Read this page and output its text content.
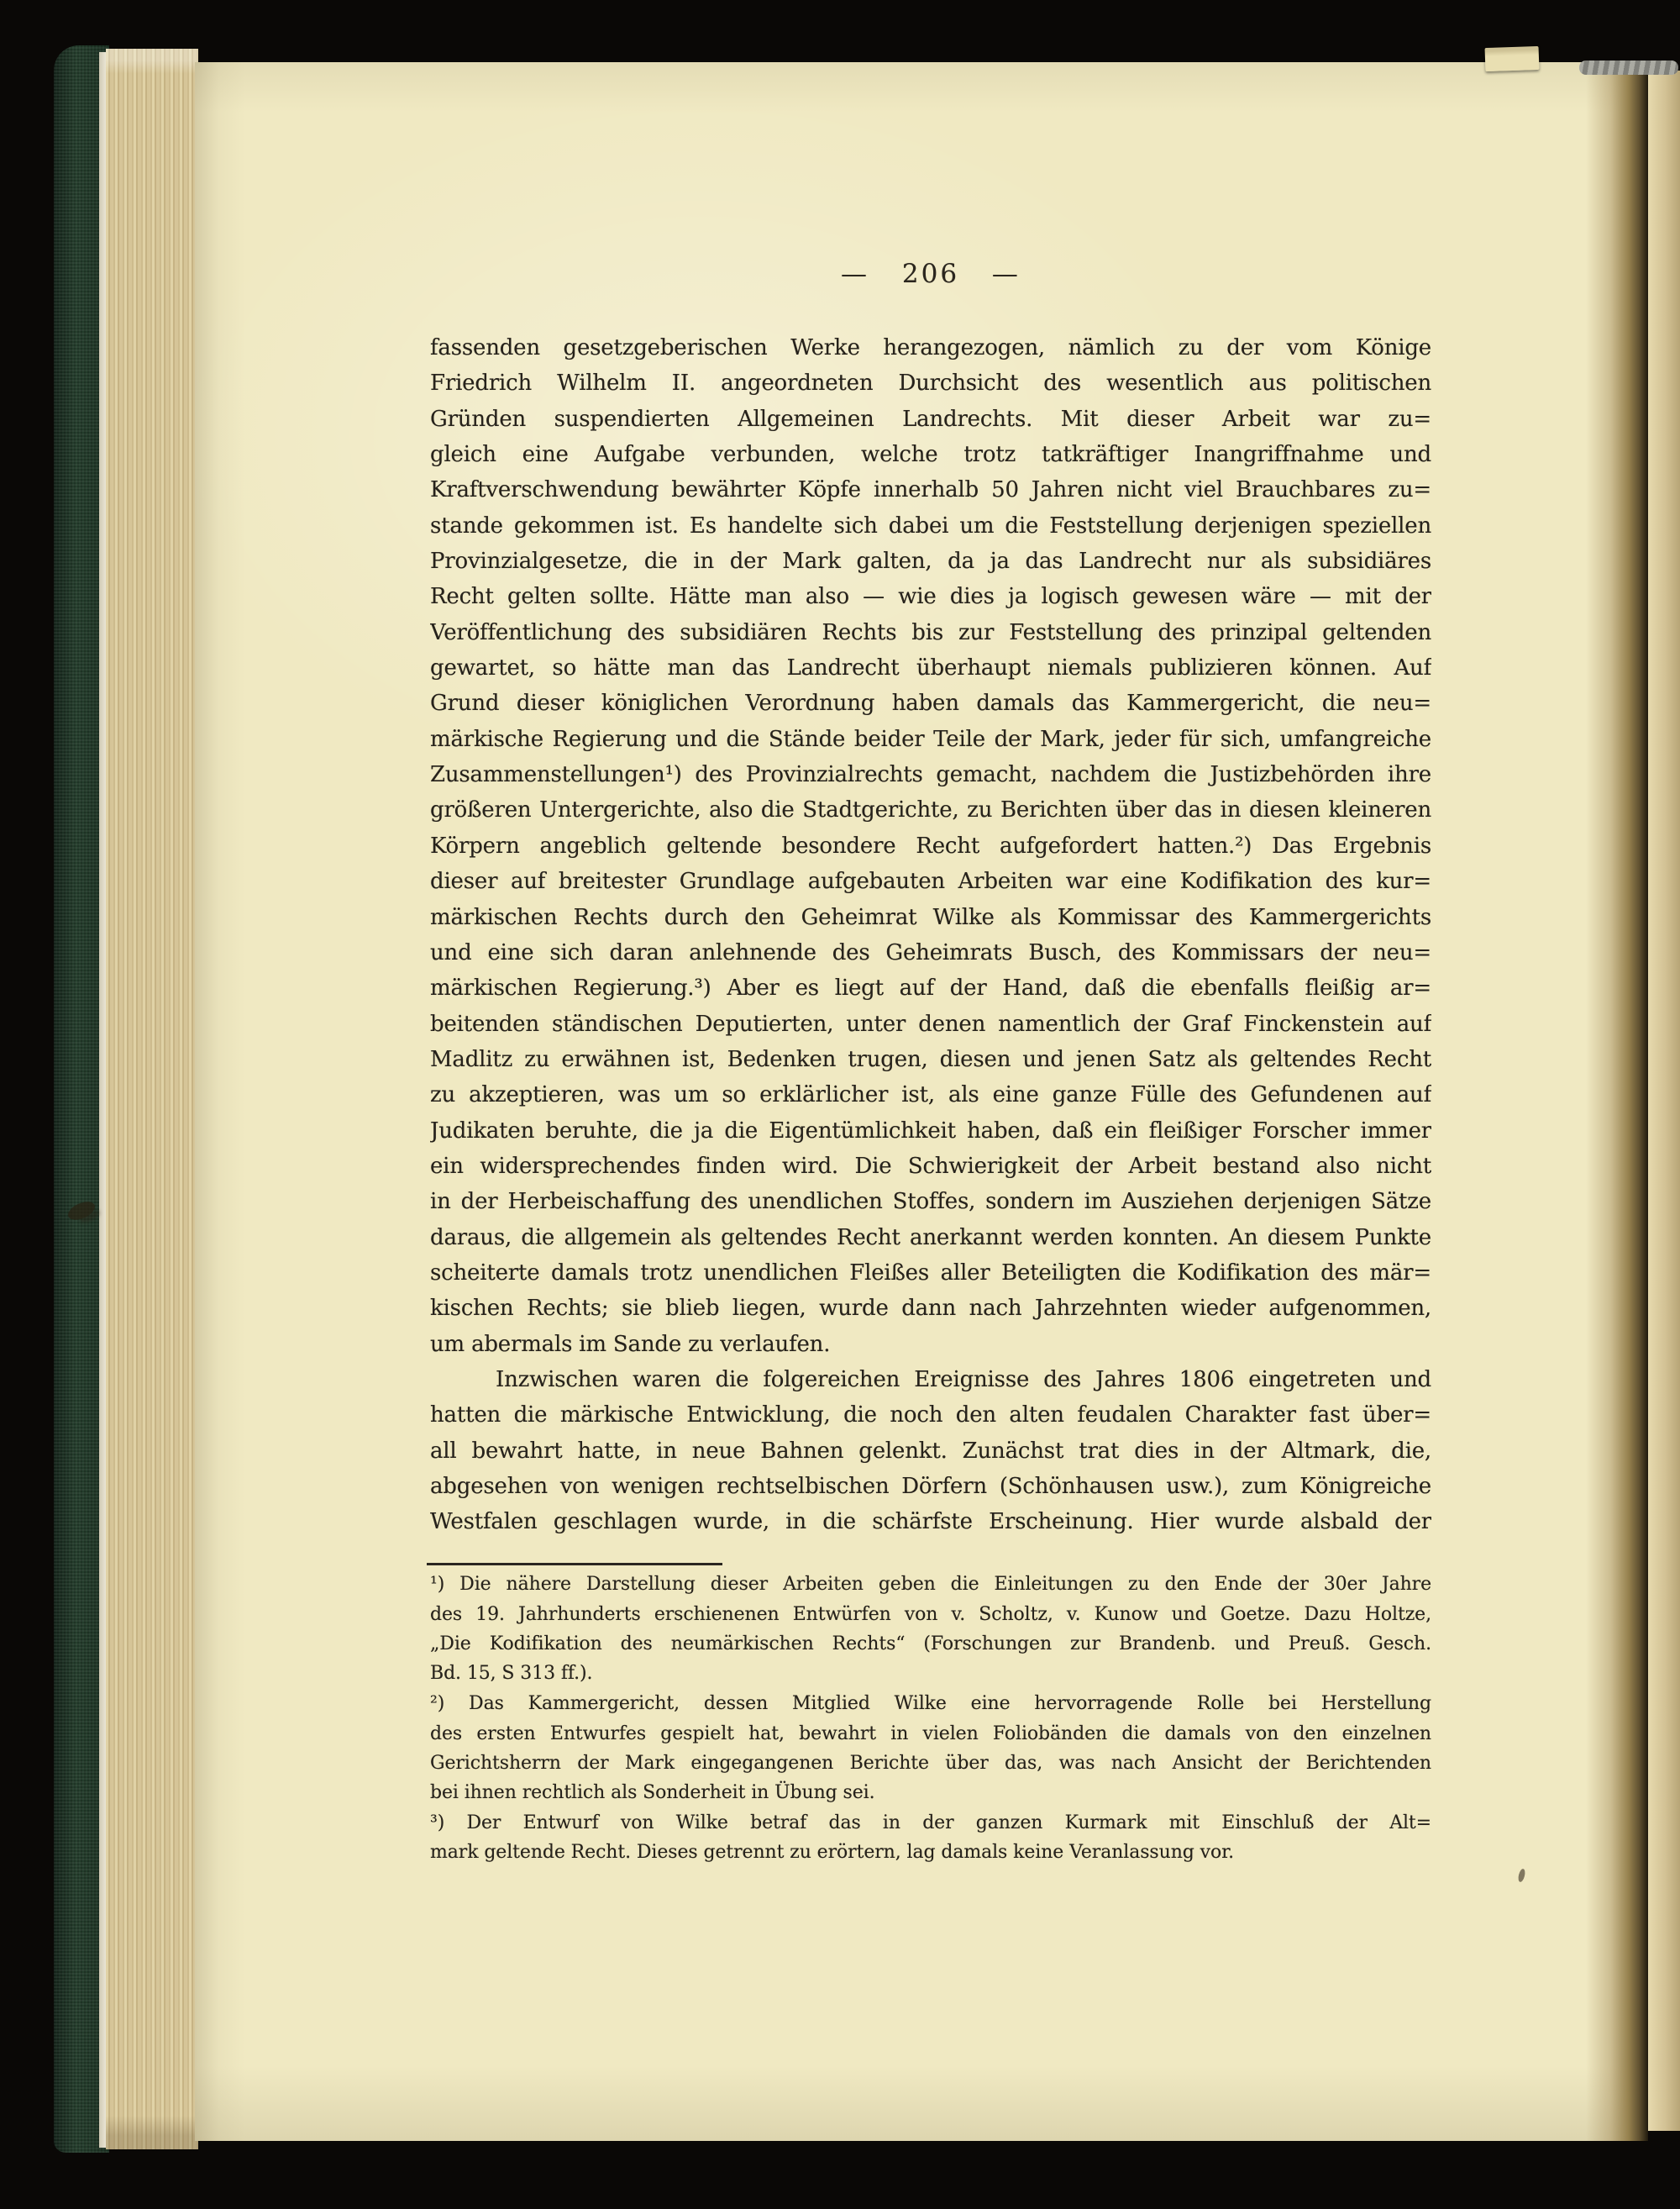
— 206 —
fassenden gesetzgeberischen Werke herangezogen, nämlich zu der vom Könige
Friedrich Wilhelm II. angeordneten Durchsicht des wesentlich aus politischen
Gründen suspendierten Allgemeinen Landrechts. Mit dieser Arbeit war zu=
gleich eine Aufgabe verbunden, welche trotz tatkräftiger Inangriffnahme und
Kraftverschwendung bewährter Köpfe innerhalb 50 Jahren nicht viel Brauchbares zu=
stande gekommen ist. Es handelte sich dabei um die Feststellung derjenigen speziellen
Provinzialgesetze, die in der Mark galten, da ja das Landrecht nur als subsidiäres
Recht gelten sollte. Hätte man also — wie dies ja logisch gewesen wäre — mit der
Veröffentlichung des subsidiären Rechts bis zur Feststellung des prinzipal geltenden
gewartet, so hätte man das Landrecht überhaupt niemals publizieren können. Auf
Grund dieser königlichen Verordnung haben damals das Kammergericht, die neu=
märkische Regierung und die Stände beider Teile der Mark, jeder für sich, umfangreiche
Zusammenstellungen¹) des Provinzialrechts gemacht, nachdem die Justizbehörden ihre
größeren Untergerichte, also die Stadtgerichte, zu Berichten über das in diesen kleineren
Körpern angeblich geltende besondere Recht aufgefordert hatten.²) Das Ergebnis
dieser auf breitester Grundlage aufgebauten Arbeiten war eine Kodifikation des kur=
märkischen Rechts durch den Geheimrat Wilke als Kommissar des Kammergerichts
und eine sich daran anlehnende des Geheimrats Busch, des Kommissars der neu=
märkischen Regierung.³) Aber es liegt auf der Hand, daß die ebenfalls fleißig ar=
beitenden ständischen Deputierten, unter denen namentlich der Graf Finckenstein auf
Madlitz zu erwähnen ist, Bedenken trugen, diesen und jenen Satz als geltendes Recht
zu akzeptieren, was um so erklärlicher ist, als eine ganze Fülle des Gefundenen auf
Judikaten beruhte, die ja die Eigentümlichkeit haben, daß ein fleißiger Forscher immer
ein widersprechendes finden wird. Die Schwierigkeit der Arbeit bestand also nicht
in der Herbeischaffung des unendlichen Stoffes, sondern im Ausziehen derjenigen Sätze
daraus, die allgemein als geltendes Recht anerkannt werden konnten. An diesem Punkte
scheiterte damals trotz unendlichen Fleißes aller Beteiligten die Kodifikation des mär=
kischen Rechts; sie blieb liegen, wurde dann nach Jahrzehnten wieder aufgenommen,
um abermals im Sande zu verlaufen.
Inzwischen waren die folgereichen Ereignisse des Jahres 1806 eingetreten und
hatten die märkische Entwicklung, die noch den alten feudalen Charakter fast über=
all bewahrt hatte, in neue Bahnen gelenkt. Zunächst trat dies in der Altmark, die,
abgesehen von wenigen rechtselbischen Dörfern (Schönhausen usw.), zum Königreiche
Westfalen geschlagen wurde, in die schärfste Erscheinung. Hier wurde alsbald der
¹) Die nähere Darstellung dieser Arbeiten geben die Einleitungen zu den Ende der 30er Jahre
des 19. Jahrhunderts erschienenen Entwürfen von v. Scholtz, v. Kunow und Goetze. Dazu Holtze,
„Die Kodifikation des neumärkischen Rechts“ (Forschungen zur Brandenb. und Preuß. Gesch.
Bd. 15, S 313 ff.).
²) Das Kammergericht, dessen Mitglied Wilke eine hervorragende Rolle bei Herstellung
des ersten Entwurfes gespielt hat, bewahrt in vielen Foliobänden die damals von den einzelnen
Gerichtsherrn der Mark eingegangenen Berichte über das, was nach Ansicht der Berichtenden
bei ihnen rechtlich als Sonderheit in Übung sei.
³) Der Entwurf von Wilke betraf das in der ganzen Kurmark mit Einschluß der Alt=
mark geltende Recht. Dieses getrennt zu erörtern, lag damals keine Veranlassung vor.
